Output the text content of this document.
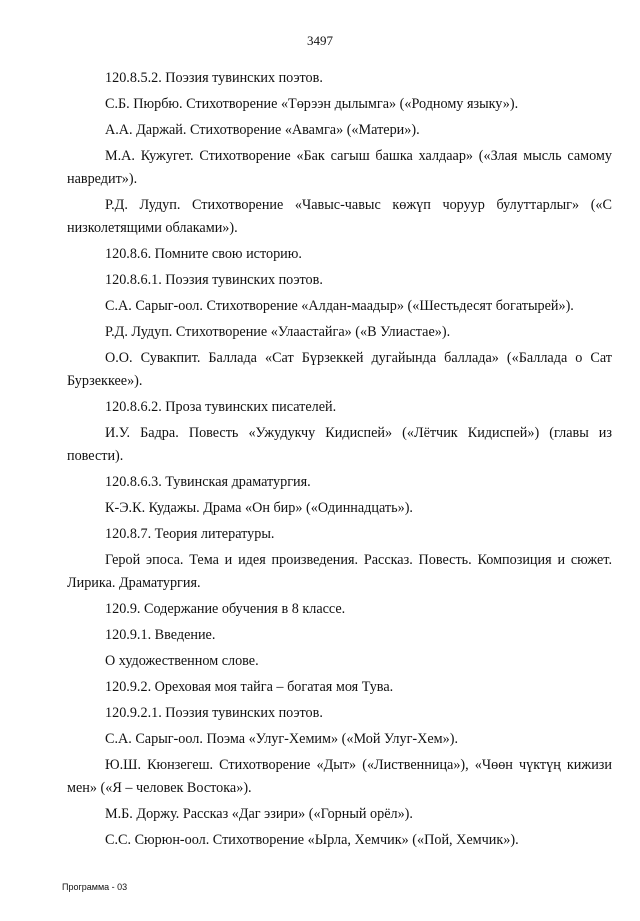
3497

120.8.5.2. Поэзия тувинских поэтов.

С.Б. Пюрбю. Стихотворение «Төрээн дылымга» («Родному языку»).

А.А. Даржай. Стихотворение «Авамга» («Матери»).

М.А. Кужугет. Стихотворение «Бак сагыш башка халдаар» («Злая мысль самому навредит»).

Р.Д. Лудуп. Стихотворение «Чавыс-чавыс көжүп чоруур булуттарлыг» («С низколетящими облаками»).

120.8.6. Помните свою историю.

120.8.6.1. Поэзия тувинских поэтов.

С.А. Сарыг-оол. Стихотворение «Алдан-маадыр» («Шестьдесят богатырей»).

Р.Д. Лудуп. Стихотворение «Улаастайга» («В Улиастае»).

О.О. Сувакпит. Баллада «Сат Бүрзеккей дугайында баллада» («Баллада о Сат Бурзеккее»).

120.8.6.2. Проза тувинских писателей.

И.У. Бадра. Повесть «Ужудукчу Кидиспей» («Лётчик Кидиспей») (главы из повести).

120.8.6.3. Тувинская драматургия.

К-Э.К. Кудажы. Драма «Он бир» («Одиннадцать»).

120.8.7. Теория литературы.

Герой эпоса. Тема и идея произведения. Рассказ. Повесть. Композиция и сюжет. Лирика. Драматургия.

120.9. Содержание обучения в 8 классе.

120.9.1. Введение.

О художественном слове.

120.9.2. Ореховая моя тайга – богатая моя Тува.

120.9.2.1. Поэзия тувинских поэтов.

С.А. Сарыг-оол. Поэма «Улуг-Хемим» («Мой Улуг-Хем»).

Ю.Ш. Кюнзегеш. Стихотворение «Дыт» («Лиственница»), «Чөөн чүктүң кижизи мен» («Я – человек Востока»).

М.Б. Доржу. Рассказ «Даг эзири» («Горный орёл»).

С.С. Сюрюн-оол. Стихотворение «Ырла, Хемчик» («Пой, Хемчик»).

Программа - 03
